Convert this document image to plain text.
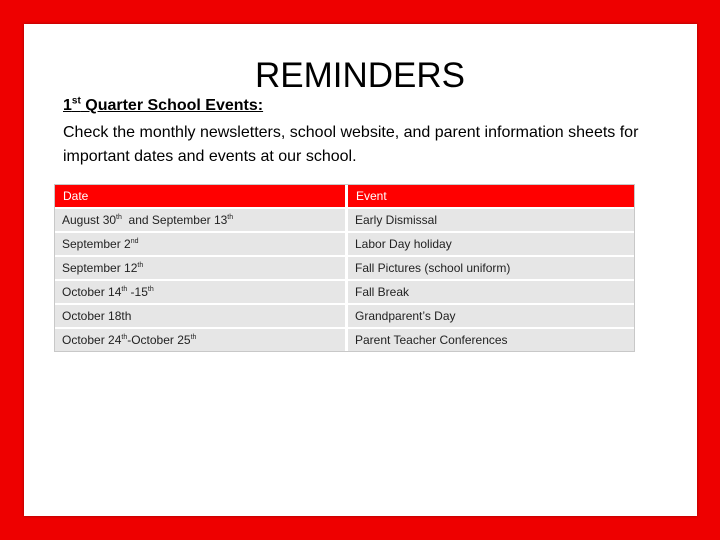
REMINDERS
1st Quarter School Events:
Check the monthly newsletters, school website, and parent information sheets for important dates and events at our school.
Date	Event
August 30th  and September 13th	Early Dismissal
September 2nd	Labor Day holiday
September 12th	Fall Pictures (school uniform)
October 14th -15th	Fall Break
October 18th	Grandparent’s Day
October 24th-October 25th	Parent Teacher Conferences
